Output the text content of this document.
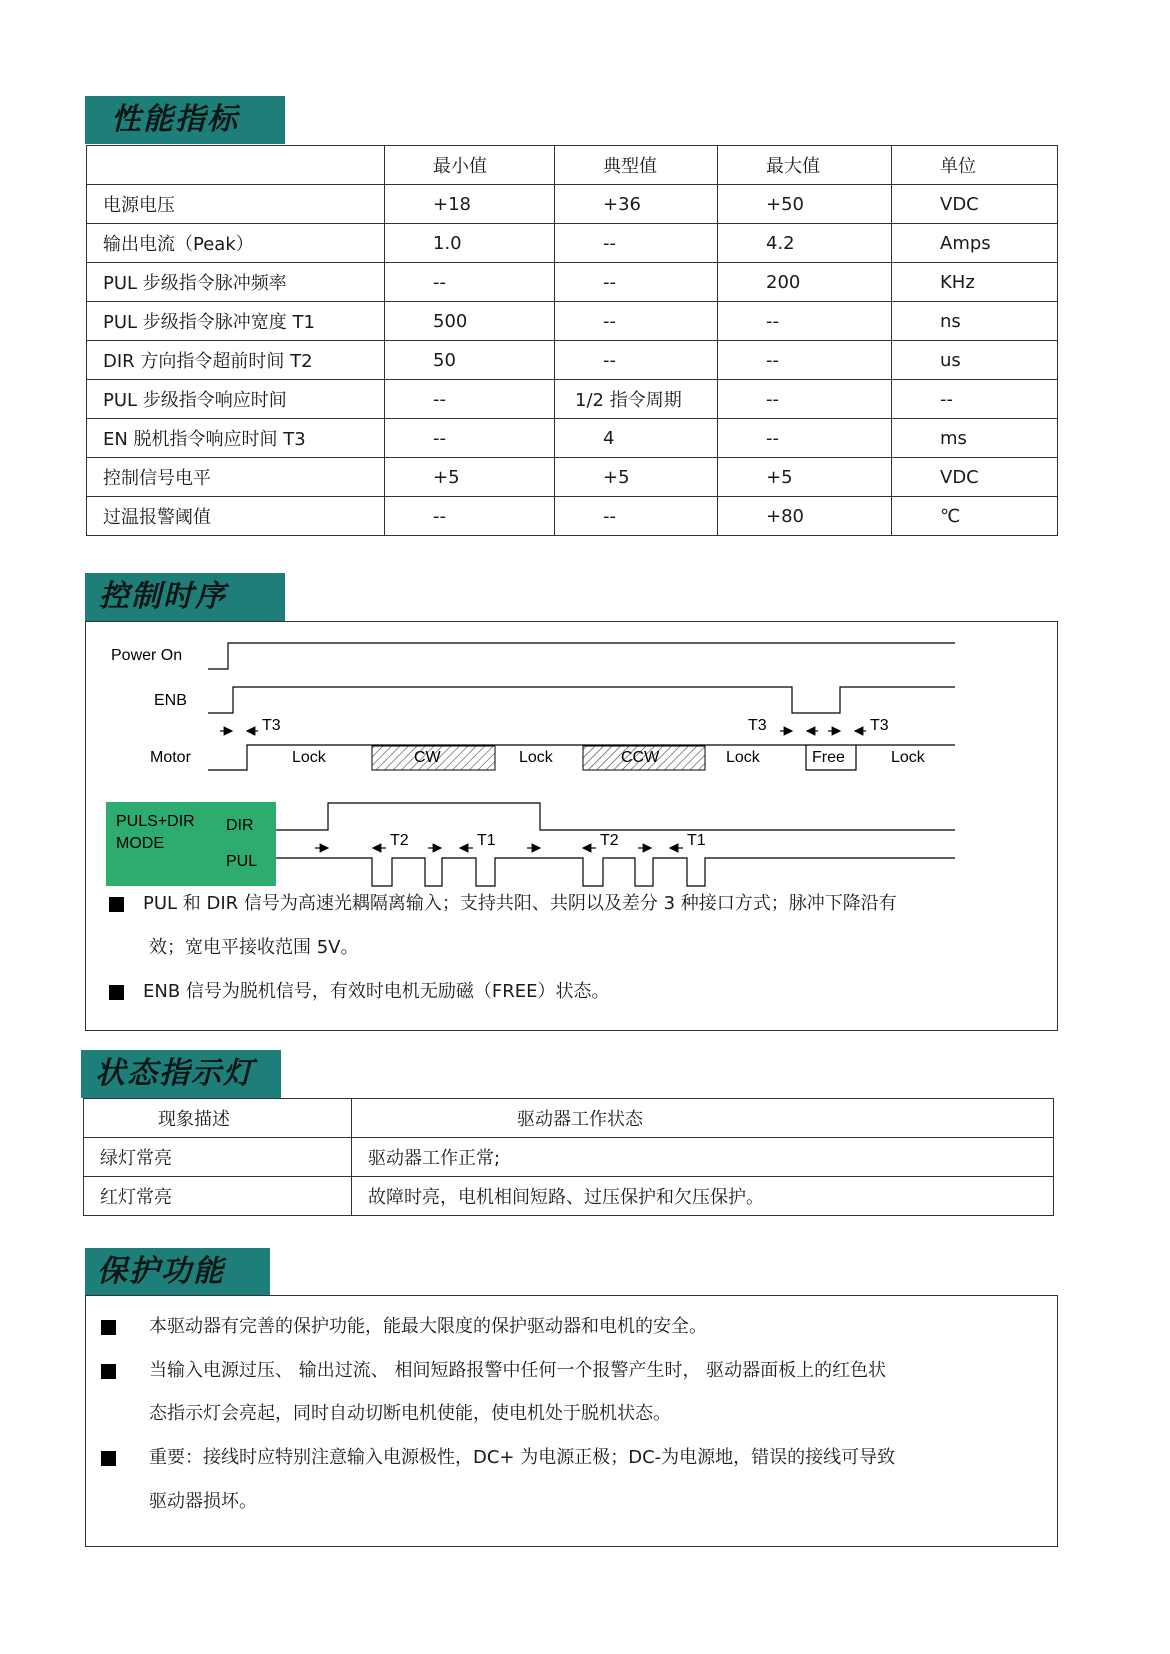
性能指标
	最小值	典型值	最大值	单位
电源电压	+18	+36	+50	VDC
输出电流（Peak）	1.0	--	4.2	Amps
PUL 步级指令脉冲频率	--	--	200	KHz
PUL 步级指令脉冲宽度 T1	500	--	--	ns
DIR 方向指令超前时间 T2	50	--	--	us
PUL 步级指令响应时间	--	1/2 指令周期	--	--
EN 脱机指令响应时间 T3	--	4	--	ms
控制信号电平	+5	+5	+5	VDC
过温报警阈值	--	--	+80	℃
控制时序
Power On
ENB
T3	T3	T3
Motor	Lock	CW	Lock	CCW	Lock	Free	Lock
PULS+DIR
MODE
DIR
PUL
T2	T1	T2	T1
PUL 和 DIR 信号为高速光耦隔离输入；支持共阳、共阴以及差分 3 种接口方式；脉冲下降沿有
效；宽电平接收范围 5V。
ENB 信号为脱机信号，有效时电机无励磁（FREE）状态。
状态指示灯
现象描述	驱动器工作状态
绿灯常亮	驱动器工作正常;
红灯常亮	故障时亮，电机相间短路、过压保护和欠压保护。
保护功能
本驱动器有完善的保护功能，能最大限度的保护驱动器和电机的安全。
当输入电源过压、 输出过流、 相间短路报警中任何一个报警产生时， 驱动器面板上的红色状
态指示灯会亮起，同时自动切断电机使能，使电机处于脱机状态。
重要：接线时应特别注意输入电源极性，DC+ 为电源正极；DC-为电源地，错误的接线可导致
驱动器损坏。
